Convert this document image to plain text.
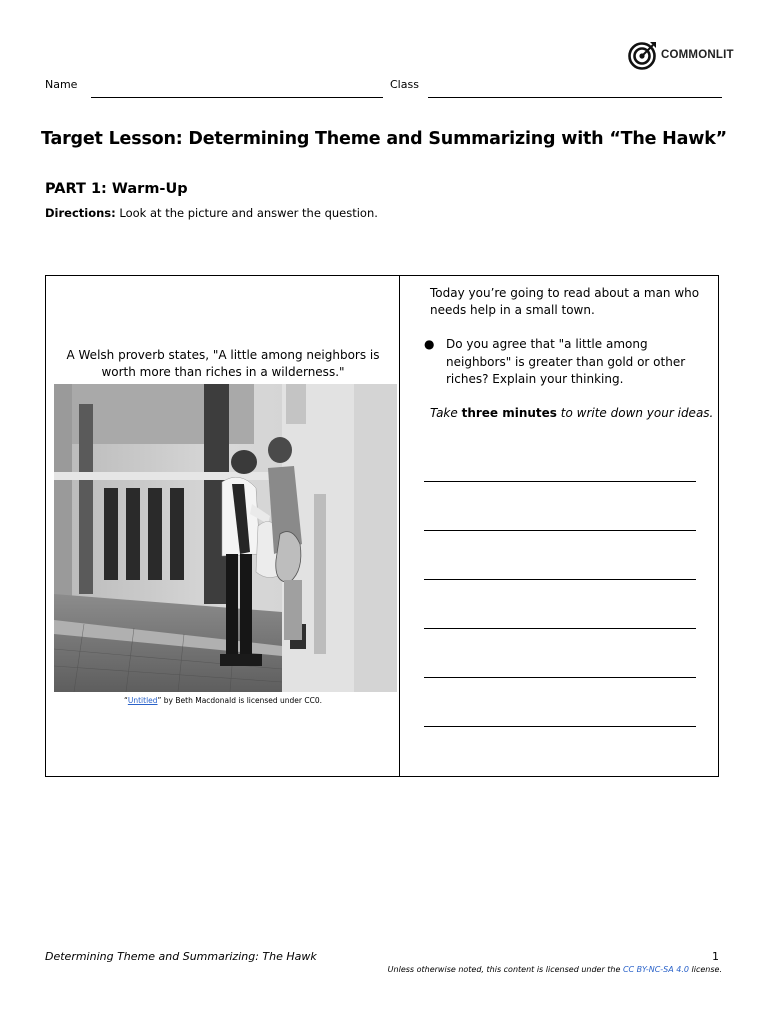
COMMONLIT
Name	Class
Target Lesson: Determining Theme and Summarizing with “The Hawk”
PART 1: Warm-Up
Directions: Look at the picture and answer the question.
A Welsh proverb states, "A little among neighbors is worth more than riches in a wilderness."
“Untitled” by Beth Macdonald is licensed under CC0.
Today you’re going to read about a man who needs help in a small town.
● Do you agree that "a little among neighbors" is greater than gold or other riches? Explain your thinking.
Take three minutes to write down your ideas.
Determining Theme and Summarizing: The Hawk	1
Unless otherwise noted, this content is licensed under the CC BY-NC-SA 4.0 license.
